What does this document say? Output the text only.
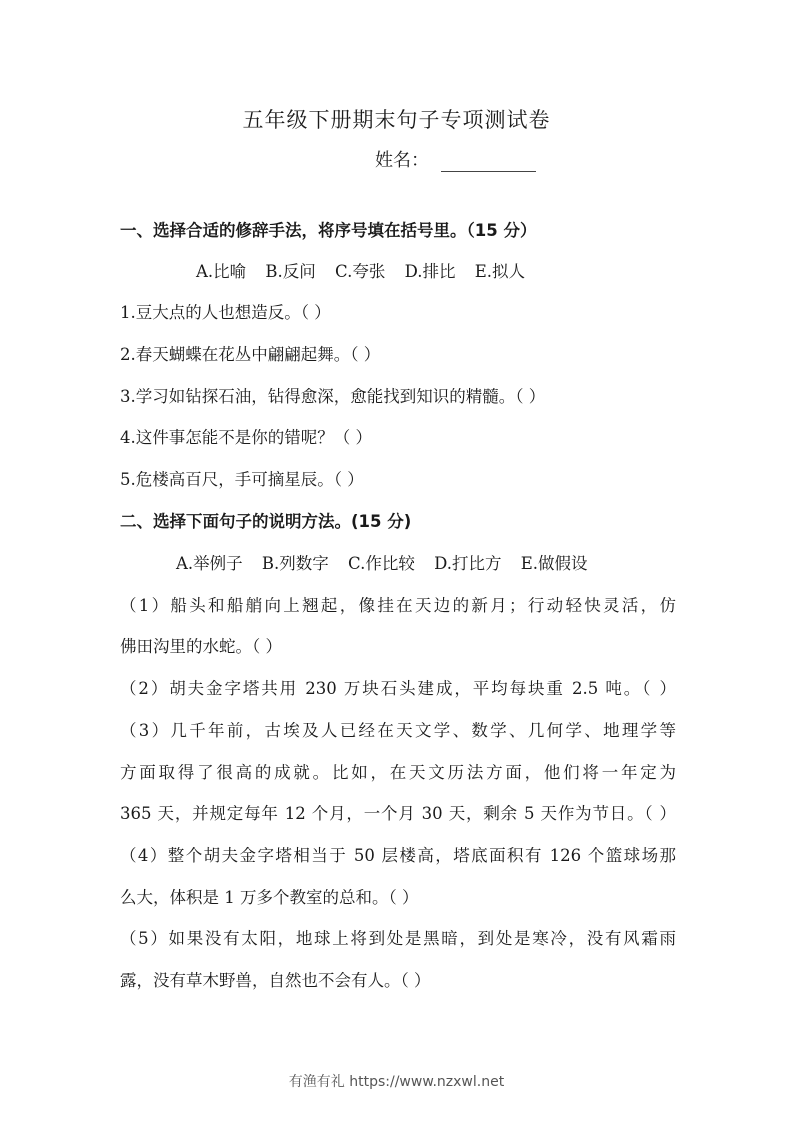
五年级下册期末句子专项测试卷
姓名：
一、选择合适的修辞手法，将序号填在括号里。（15 分）
A.比喻 B.反问 C.夸张 D.排比 E.拟人
1.豆大点的人也想造反。（ ）
2.春天蝴蝶在花丛中翩翩起舞。（ ）
3.学习如钻探石油，钻得愈深，愈能找到知识的精髓。（ ）
4.这件事怎能不是你的错呢？（ ）
5.危楼高百尺，手可摘星辰。（ ）
二、选择下面句子的说明方法。(15 分)
A.举例子 B.列数字 C.作比较 D.打比方 E.做假设
（1）船头和船艄向上翘起，像挂在天边的新月；行动轻快灵活，仿
佛田沟里的水蛇。（ ）
（2）胡夫金字塔共用 230 万块石头建成，平均每块重 2.5 吨。（ ）
（3）几千年前，古埃及人已经在天文学、数学、几何学、地理学等
方面取得了很高的成就。比如，在天文历法方面，他们将一年定为
365 天，并规定每年 12 个月，一个月 30 天，剩余 5 天作为节日。（ ）
（4）整个胡夫金字塔相当于 50 层楼高，塔底面积有 126 个篮球场那
么大，体积是 1 万多个教室的总和。（ ）
（5）如果没有太阳，地球上将到处是黑暗，到处是寒冷，没有风霜雨
露，没有草木野兽，自然也不会有人。（ ）
有渔有礼 https://www.nzxwl.net
